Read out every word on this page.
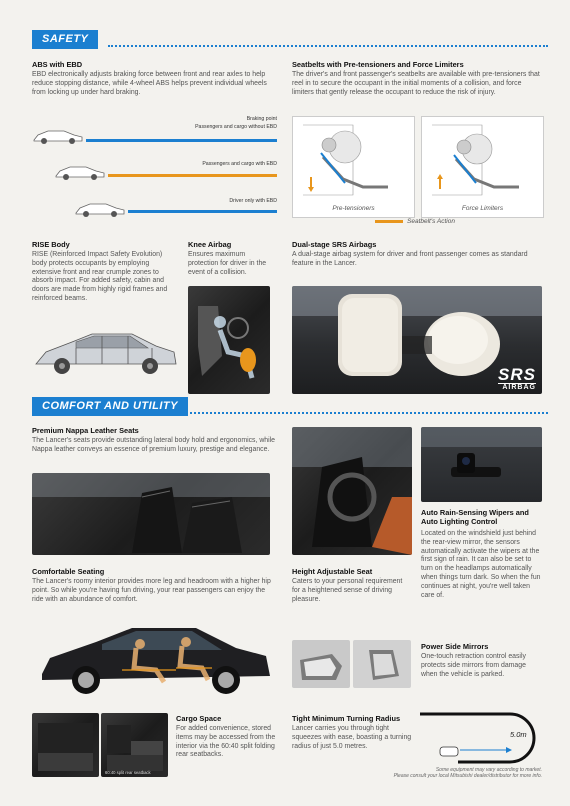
SAFETY
ABS with EBD
EBD electronically adjusts braking force between front and rear axles to help reduce stopping distance, while 4-wheel ABS helps prevent individual wheels from locking up under hard braking.
Braking point
Passengers and cargo without EBD
Passengers and cargo with EBD
Driver only with EBD
Seatbelts with Pre-tensioners and Force Limiters
The driver's and front passenger's seatbelts are available with pre-tensioners that reel in to secure the occupant in the initial moments of a collision, and force limiters that gently release the occupant to reduce the risk of injury.
Pre-tensioners	Force Limiters
Seatbelt's Action
RISE Body
RISE (Reinforced Impact Safety Evolution) body protects occupants by employing extensive front and rear crumple zones to absorb impact. For added safety, cabin and doors are made from highly rigid frames and reinforced beams.
Knee Airbag
Ensures maximum protection for driver in the event of a collision.
Dual-stage SRS Airbags
A dual-stage airbag system for driver and front passenger comes as standard feature in the Lancer.
SRS
AIRBAG
COMFORT AND UTILITY
Premium Nappa Leather Seats
The Lancer's seats provide outstanding lateral body hold and ergonomics, while Nappa leather conveys an essence of premium luxury, prestige and elegance.
Comfortable Seating
The Lancer's roomy interior provides more leg and headroom with a higher hip point. So while you're having fun driving, your rear passengers can enjoy the ride with an abundance of comfort.
Height Adjustable Seat
Caters to your personal requirement for a heightened sense of driving pleasure.
Auto Rain-Sensing Wipers and Auto Lighting Control
Located on the windshield just behind the rear-view mirror, the sensors automatically activate the wipers at the first sign of rain. It can also be set to turn on the headlamps automatically when things turn dark. So when the fun continues at night, you're well taken care of.
Power Side Mirrors
One-touch retraction control easily protects side mirrors from damage when the vehicle is parked.
60:40 split rear seatback
Cargo Space
For added convenience, stored items may be accessed from the interior via the 60:40 split folding rear seatbacks.
Tight Minimum Turning Radius
Lancer carries you through tight squeezes with ease, boasting a turning radius of just 5.0 metres.
5.0m
Some equipment may vary according to market.
Please consult your local Mitsubishi dealer/distributor for more info.
